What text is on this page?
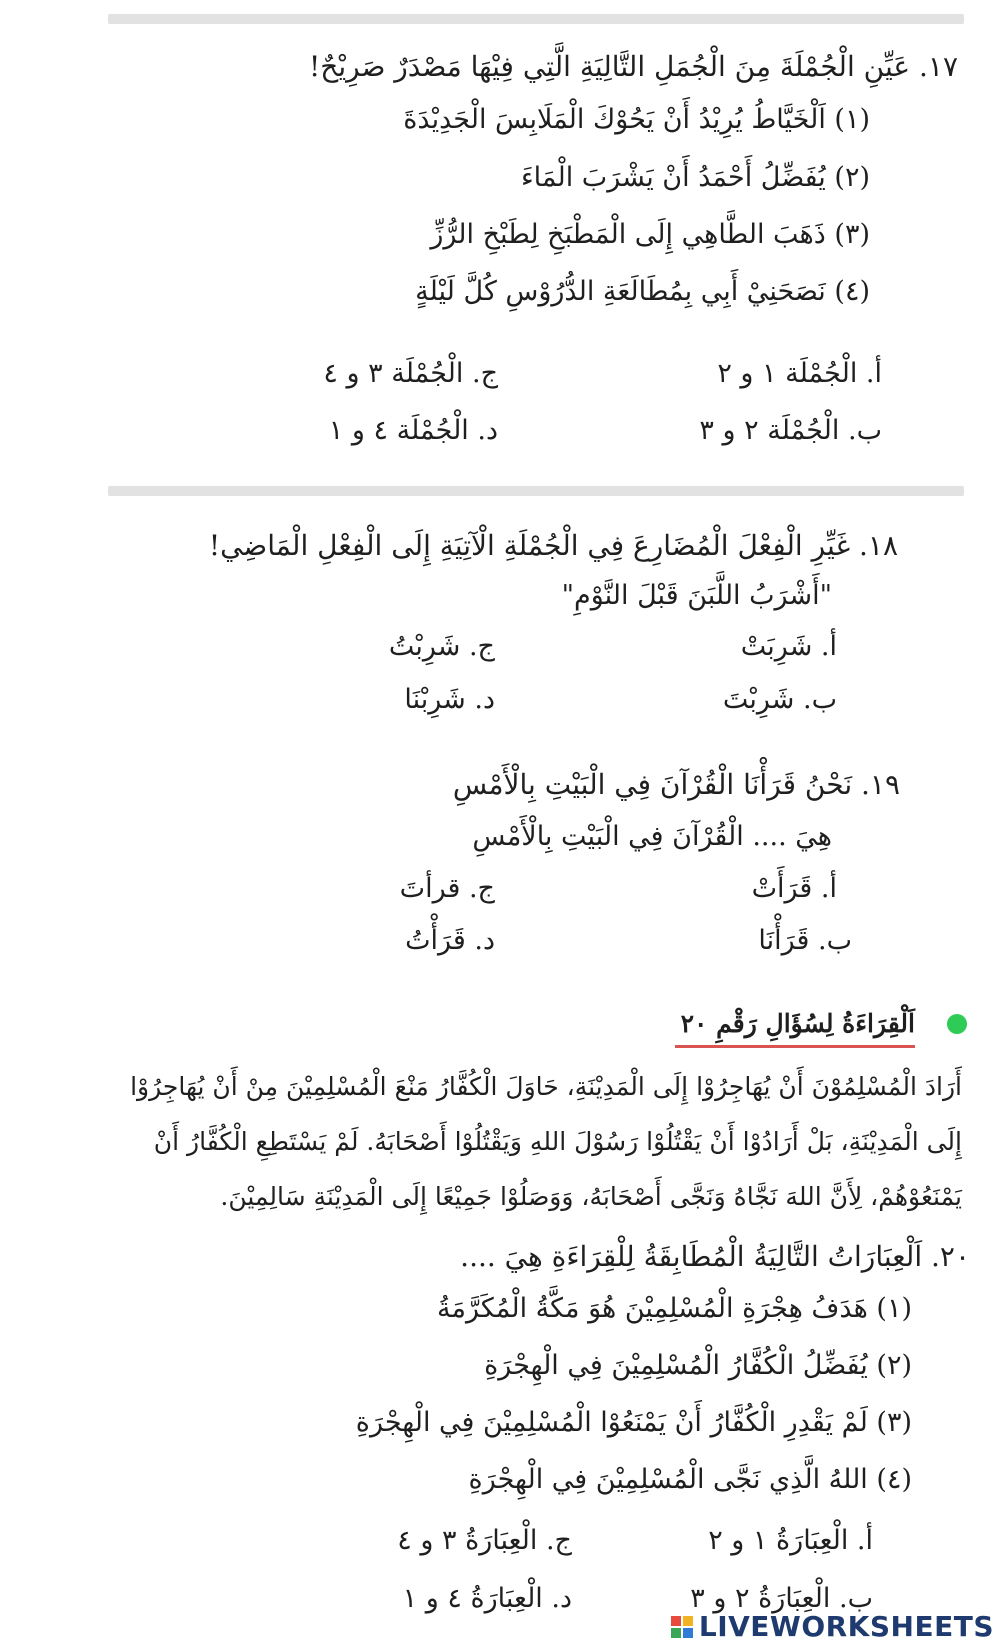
١٧. عَيِّنِ الْجُمْلَةَ مِنَ الْجُمَلِ التَّالِيَةِ الَّتِي فِيْهَا مَصْدَرٌ صَرِيْحٌ!
(١) اَلْخَيَّاطُ يُرِيْدُ أَنْ يَحُوْكَ الْمَلَابِسَ الْجَدِيْدَةَ
(٢) يُفَضِّلُ أَحْمَدُ أَنْ يَشْرَبَ الْمَاءَ
(٣) ذَهَبَ الطَّاهِي إِلَى الْمَطْبَخِ لِطَبْخِ الرُّزِّ
(٤) نَصَحَنِيْ أَبِي بِمُطَالَعَةِ الدُّرُوْسِ كُلَّ لَيْلَةٍ
أ. الْجُمْلَة ١ و ٢
ج. الْجُمْلَة ٣ و ٤
ب. الْجُمْلَة ٢ و ٣
د. الْجُمْلَة ٤ و ١
١٨. غَيِّرِ الْفِعْلَ الْمُضَارِعَ فِي الْجُمْلَةِ الْآتِيَةِ إِلَى الْفِعْلِ الْمَاضِي!
"أَشْرَبُ اللَّبَنَ قَبْلَ النَّوْمِ"
أ. شَرِبَتْ
ج. شَرِبْتُ
ب. شَرِبْتَ
د. شَرِبْنَا
١٩. نَحْنُ قَرَأْنَا الْقُرْآنَ فِي الْبَيْتِ بِالْأَمْسِ
هِيَ .... الْقُرْآنَ فِي الْبَيْتِ بِالْأَمْسِ
أ. قَرَأَتْ
ج. قرأتَ
ب. قَرَأْنَا
د. قَرَأْتُ
اَلْقِرَاءَةُ لِسُؤَالِ رَقْمِ ٢٠
أَرَادَ الْمُسْلِمُوْنَ أَنْ يُهَاجِرُوْا إِلَى الْمَدِيْنَةِ، حَاوَلَ الْكُفَّارُ مَنْعَ الْمُسْلِمِيْنَ مِنْ أَنْ يُهَاجِرُوْا
إِلَى الْمَدِيْنَةِ، بَلْ أَرَادُوْا أَنْ يَقْتُلُوْا رَسُوْلَ اللهِ وَيَقْتُلُوْا أَصْحَابَهُ. لَمْ يَسْتَطِعِ الْكُفَّارُ أَنْ
يَمْنَعُوْهُمْ، لِأَنَّ اللهَ نَجَّاهُ وَنَجَّى أَصْحَابَهُ، وَوَصَلُوْا جَمِيْعًا إِلَى الْمَدِيْنَةِ سَالِمِيْنَ.
٢٠. اَلْعِبَارَاتُ التَّالِيَةُ الْمُطَابِقَةُ لِلْقِرَاءَةِ هِيَ ....
(١) هَدَفُ هِجْرَةِ الْمُسْلِمِيْنَ هُوَ مَكَّةُ الْمُكَرَّمَةُ
(٢) يُفَضِّلُ الْكُفَّارُ الْمُسْلِمِيْنَ فِي الْهِجْرَةِ
(٣) لَمْ يَقْدِرِ الْكُفَّارُ أَنْ يَمْنَعُوْا الْمُسْلِمِيْنَ فِي الْهِجْرَةِ
(٤) اللهُ الَّذِي نَجَّى الْمُسْلِمِيْنَ فِي الْهِجْرَةِ
أ. الْعِبَارَةُ ١ و ٢
ج. الْعِبَارَةُ ٣ و ٤
ب. الْعِبَارَةُ ٢ و ٣
د. الْعِبَارَةُ ٤ و ١
LIVEWORKSHEETS
